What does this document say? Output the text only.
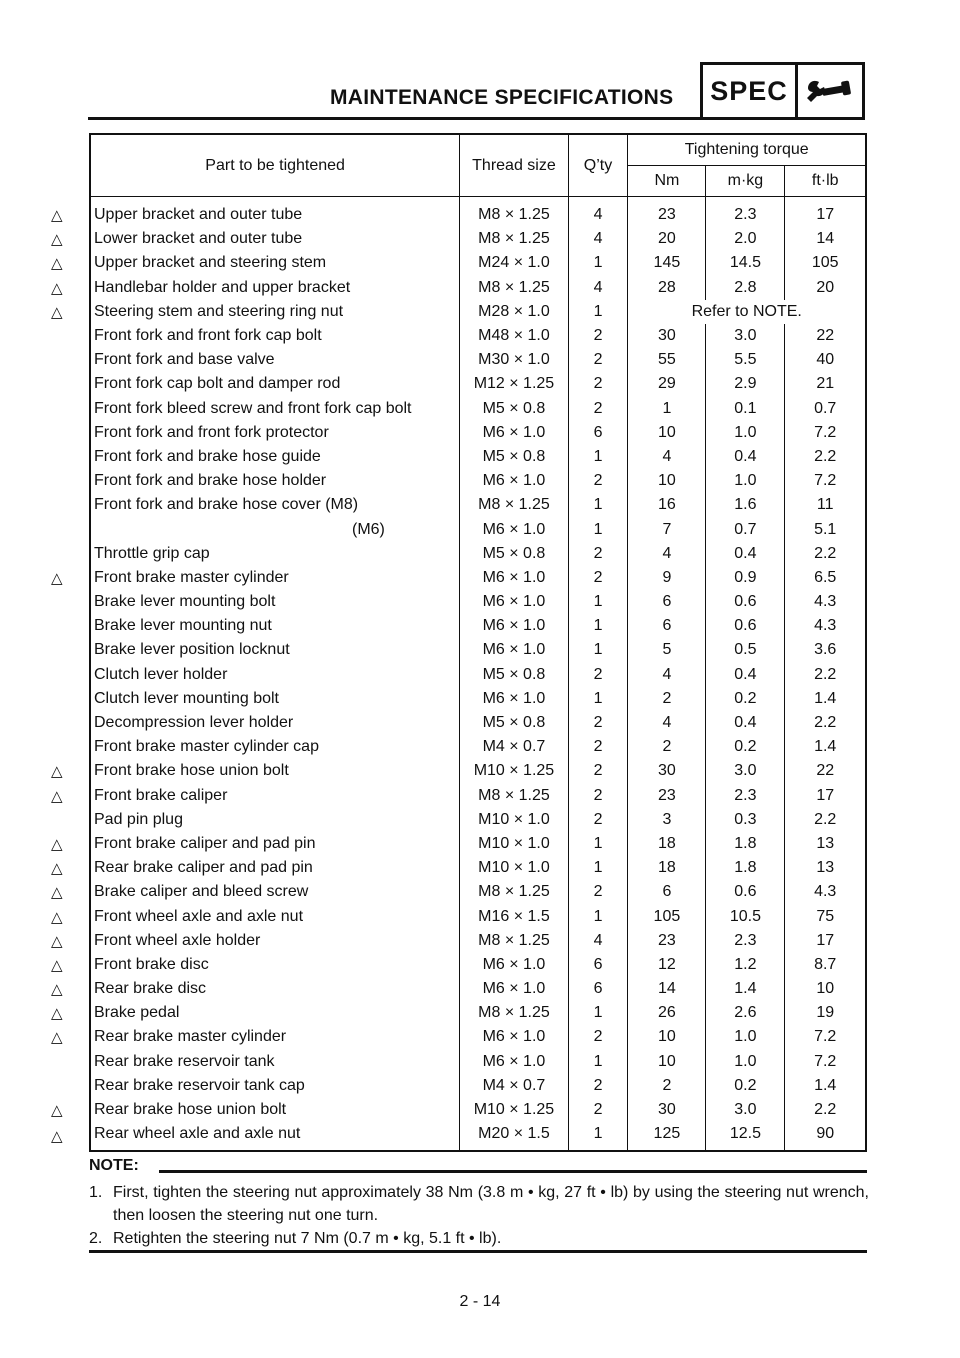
MAINTENANCE SPECIFICATIONS SPEC
Part to be tightened	Thread size	Q’ty	Tightening torque		
			Nm	m·kg	ft·lb

△ Upper bracket and outer tube	M8 × 1.25	4	23	2.3	17

△ Lower bracket and outer tube	M8 × 1.25	4	20	2.0	14

△ Upper bracket and steering stem	M24 × 1.0	1	145	14.5	105

△ Handlebar holder and upper bracket	M8 × 1.25	4	28	2.8	20

△ Steering stem and steering ring nut	M28 × 1.0	1	Refer to NOTE.		
Front fork and front fork cap bolt	M48 × 1.0	2	30	3.0	22
Front fork and base valve	M30 × 1.0	2	55	5.5	40
Front fork cap bolt and damper rod	M12 × 1.25	2	29	2.9	21
Front fork bleed screw and front fork cap bolt	M5 × 0.8	2	1	0.1	0.7
Front fork and front fork protector	M6 × 1.0	6	10	1.0	7.2
Front fork and brake hose guide	M5 × 0.8	1	4	0.4	2.2
Front fork and brake hose holder	M6 × 1.0	2	10	1.0	7.2
Front fork and brake hose cover (M8)	M8 × 1.25	1	16	1.6	11
(M6)	M6 × 1.0	1	7	0.7	5.1
Throttle grip cap	M5 × 0.8	2	4	0.4	2.2

△ Front brake master cylinder	M6 × 1.0	2	9	0.9	6.5
Brake lever mounting bolt	M6 × 1.0	1	6	0.6	4.3
Brake lever mounting nut	M6 × 1.0	1	6	0.6	4.3
Brake lever position locknut	M6 × 1.0	1	5	0.5	3.6
Clutch lever holder	M5 × 0.8	2	4	0.4	2.2
Clutch lever mounting bolt	M6 × 1.0	1	2	0.2	1.4
Decompression lever holder	M5 × 0.8	2	4	0.4	2.2
Front brake master cylinder cap	M4 × 0.7	2	2	0.2	1.4

△ Front brake hose union bolt	M10 × 1.25	2	30	3.0	22

△ Front brake caliper	M8 × 1.25	2	23	2.3	17
Pad pin plug	M10 × 1.0	2	3	0.3	2.2

△ Front brake caliper and pad pin	M10 × 1.0	1	18	1.8	13

△ Rear brake caliper and pad pin	M10 × 1.0	1	18	1.8	13

△ Brake caliper and bleed screw	M8 × 1.25	2	6	0.6	4.3

△ Front wheel axle and axle nut	M16 × 1.5	1	105	10.5	75

△ Front wheel axle holder	M8 × 1.25	4	23	2.3	17

△ Front brake disc	M6 × 1.0	6	12	1.2	8.7

△ Rear brake disc	M6 × 1.0	6	14	1.4	10

△ Brake pedal	M8 × 1.25	1	26	2.6	19

△ Rear brake master cylinder	M6 × 1.0	2	10	1.0	7.2
Rear brake reservoir tank	M6 × 1.0	1	10	1.0	7.2
Rear brake reservoir tank cap	M4 × 0.7	2	2	0.2	1.4

△ Rear brake hose union bolt	M10 × 1.25	2	30	3.0	2.2

△ Rear wheel axle and axle nut	M20 × 1.5	1	125	12.5	90
NOTE:
1. First, tighten the steering nut approximately 38 Nm (3.8 m • kg, 27 ft • lb) by using the steering nut wrench, then loosen the steering nut one turn.
2. Retighten the steering nut 7 Nm (0.7 m • kg, 5.1 ft • lb).
2 - 14
